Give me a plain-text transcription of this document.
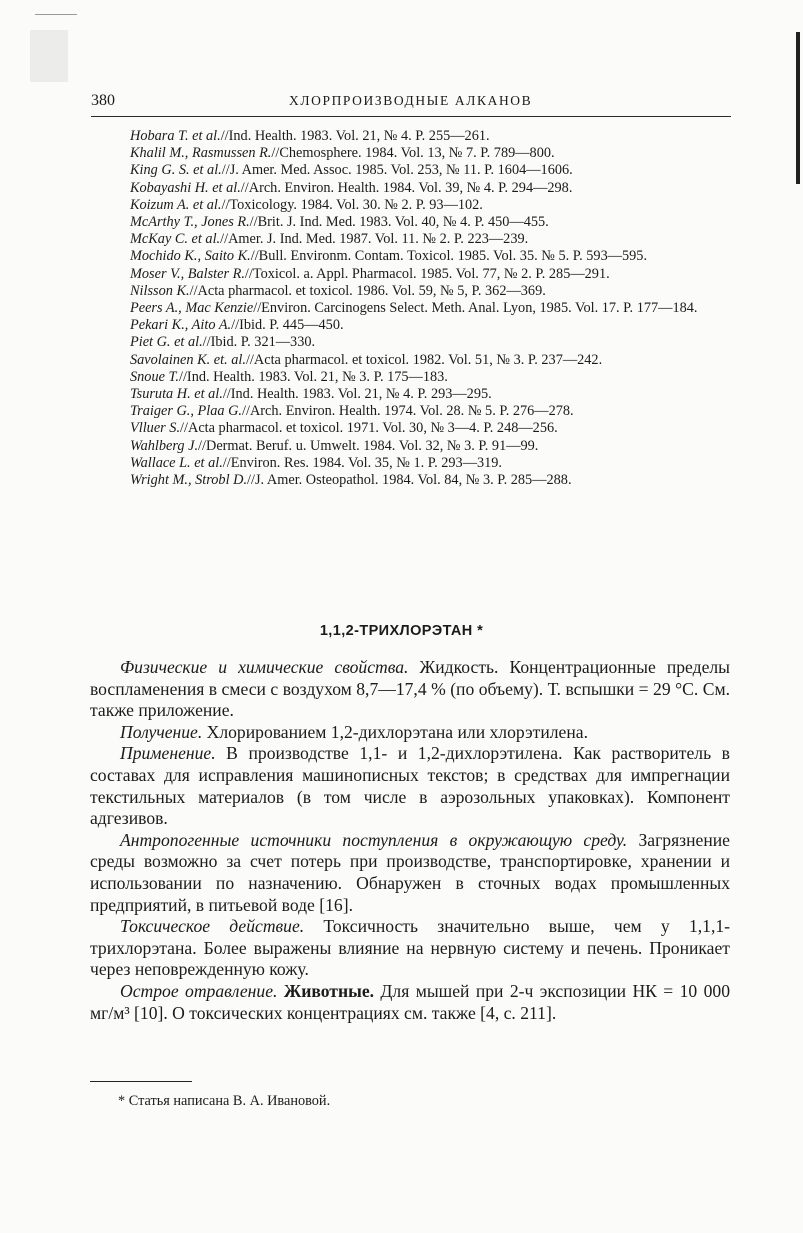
380	ХЛОРПРОИЗВОДНЫЕ АЛКАНОВ
Hobara T. et al.//Ind. Health. 1983. Vol. 21, № 4. P. 255—261.
Khalil M., Rasmussen R.//Chemosphere. 1984. Vol. 13, № 7. P. 789—800.
King G. S. et al.//J. Amer. Med. Assoc. 1985. Vol. 253, № 11. P. 1604—1606.
Kobayashi H. et al.//Arch. Environ. Health. 1984. Vol. 39, № 4. P. 294—298.
Koizum A. et al.//Toxicology. 1984. Vol. 30. № 2. P. 93—102.
McArthy T., Jones R.//Brit. J. Ind. Med. 1983. Vol. 40, № 4. P. 450—455.
McKay C. et al.//Amer. J. Ind. Med. 1987. Vol. 11. № 2. P. 223—239.
Mochido K., Saito K.//Bull. Environm. Contam. Toxicol. 1985. Vol. 35. № 5. P. 593—595.
Moser V., Balster R.//Toxicol. a. Appl. Pharmacol. 1985. Vol. 77, № 2. P. 285—291.
Nilsson K.//Acta pharmacol. et toxicol. 1986. Vol. 59, № 5, P. 362—369.
Peers A., Mac Kenzie//Environ. Carcinogens Select. Meth. Anal. Lyon, 1985. Vol. 17. P. 177—184.
Pekari K., Aito A.//Ibid. P. 445—450.
Piet G. et al.//Ibid. P. 321—330.
Savolainen K. et. al.//Acta pharmacol. et toxicol. 1982. Vol. 51, № 3. P. 237—242.
Snoue T.//Ind. Health. 1983. Vol. 21, № 3. P. 175—183.
Tsuruta H. et al.//Ind. Health. 1983. Vol. 21, № 4. P. 293—295.
Traiger G., Plaa G.//Arch. Environ. Health. 1974. Vol. 28. № 5. P. 276—278.
Vlluer S.//Acta pharmacol. et toxicol. 1971. Vol. 30, № 3—4. P. 248—256.
Wahlberg J.//Dermat. Beruf. u. Umwelt. 1984. Vol. 32, № 3. P. 91—99.
Wallace L. et al.//Environ. Res. 1984. Vol. 35, № 1. P. 293—319.
Wright M., Strobl D.//J. Amer. Osteopathol. 1984. Vol. 84, № 3. P. 285—288.
1,1,2-ТРИХЛОРЭТАН *

Физические и химические свойства. Жидкость. Концентрационные пределы воспламенения в смеси с воздухом 8,7—17,4 % (по объему). Т. вспышки = 29 °С. См. также приложение.

Получение. Хлорированием 1,2-дихлорэтана или хлорэтилена.

Применение. В производстве 1,1- и 1,2-дихлорэтилена. Как растворитель в составах для исправления машинописных текстов; в средствах для импрегнации текстильных материалов (в том числе в аэрозольных упаковках). Компонент адгезивов.

Антропогенные источники поступления в окружающую среду. Загрязнение среды возможно за счет потерь при производстве, транспортировке, хранении и использовании по назначению. Обнаружен в сточных водах промышленных предприятий, в питьевой воде [16].

Токсическое действие. Токсичность значительно выше, чем у 1,1,1-трихлорэтана. Более выражены влияние на нервную систему и печень. Проникает через неповрежденную кожу.

Острое отравление. Животные. Для мышей при 2-ч экспозиции НК = 10 000 мг/м³ [10]. О токсических концентрациях см. также [4, с. 211].

* Статья написана В. А. Ивановой.
